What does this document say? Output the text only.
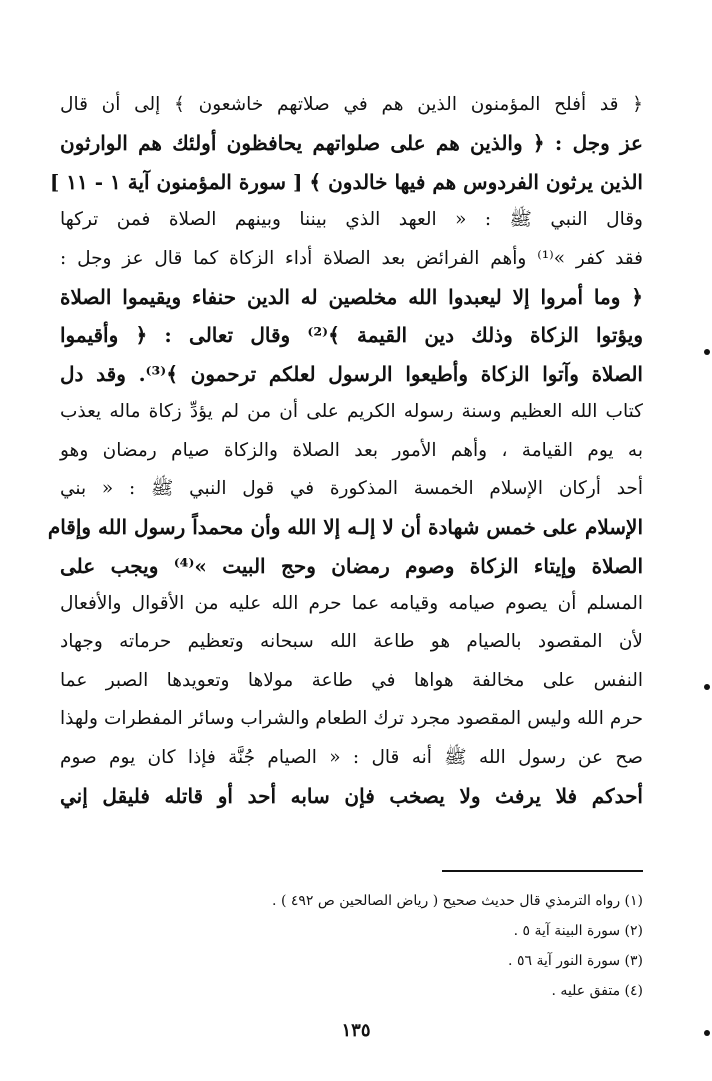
﴿ قد أفلح المؤمنون الذين هم في صلاتهم خاشعون ﴾ إلى أن قال
عز وجل : ﴿ والذين هم على صلواتهم يحافظون أولئك هم الوارثون
الذين يرثون الفردوس هم فيها خالدون ﴾ [ سورة المؤمنون آية ١ - ١١ ]
وقال النبي ﷺ : « العهد الذي بيننا وبينهم الصلاة فمن تركها
فقد كفر »⁽¹⁾ وأهم الفرائض بعد الصلاة أداء الزكاة كما قال عز وجل :
﴿ وما أمروا إلا ليعبدوا الله مخلصين له الدين حنفاء ويقيموا الصلاة
ويؤتوا الزكاة وذلك دين القيمة ﴾⁽²⁾ وقال تعالى : ﴿ وأقيموا
الصلاة وآتوا الزكاة وأطيعوا الرسول لعلكم ترحمون ﴾⁽³⁾. وقد دل
كتاب الله العظيم وسنة رسوله الكريم على أن من لم يؤدِّ زكاة ماله يعذب
به يوم القيامة ، وأهم الأمور بعد الصلاة والزكاة صيام رمضان وهو
أحد أركان الإسلام الخمسة المذكورة في قول النبي ﷺ : « بني
الإسلام على خمس شهادة أن لا إلـه إلا الله وأن محمداً رسول الله وإقام
الصلاة وإيتاء الزكاة وصوم رمضان وحج البيت »⁽⁴⁾ ويجب على
المسلم أن يصوم صيامه وقيامه عما حرم الله عليه من الأقوال والأفعال
لأن المقصود بالصيام هو طاعة الله سبحانه وتعظيم حرماته وجهاد
النفس على مخالفة هواها في طاعة مولاها وتعويدها الصبر عما
حرم الله وليس المقصود مجرد ترك الطعام والشراب وسائر المفطرات ولهذا
صح عن رسول الله ﷺ أنه قال : « الصيام جُنَّة فإذا كان يوم صوم
أحدكم فلا يرفث ولا يصخب فإن سابه أحد أو قاتله فليقل إني
(١) رواه الترمذي قال حديث صحيح ( رياض الصالحين ص ٤٩٢ ) .
(٢) سورة البينة آية ٥ .
(٣) سورة النور آية ٥٦ .
(٤) متفق عليه .
١٣٥
